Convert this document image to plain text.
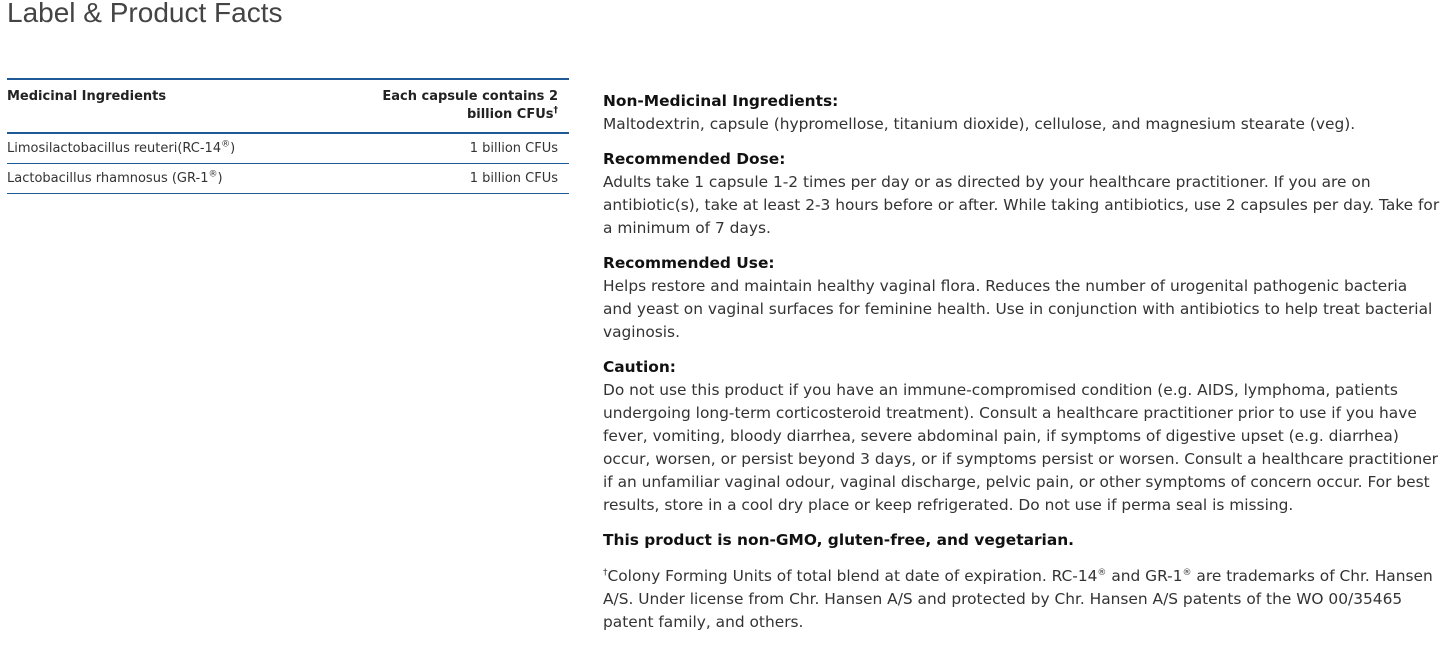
Label & Product Facts
Medicinal Ingredients	Each capsule contains 2
billion CFUs†
Limosilactobacillus reuteri(RC-14®)	1 billion CFUs
Lactobacillus rhamnosus (GR-1®)	1 billion CFUs
Non-Medicinal Ingredients:

Maltodextrin, capsule (hypromellose, titanium dioxide), cellulose, and magnesium stearate (veg).

Recommended Dose:

Adults take 1 capsule 1-2 times per day or as directed by your healthcare practitioner. If you are on antibiotic(s), take at least 2-3 hours before or after. While taking antibiotics, use 2 capsules per day. Take for a minimum of 7 days.

Recommended Use:

Helps restore and maintain healthy vaginal flora. Reduces the number of urogenital pathogenic bacteria and yeast on vaginal surfaces for feminine health. Use in conjunction with antibiotics to help treat bacterial vaginosis.

Caution:

Do not use this product if you have an immune-compromised condition (e.g. AIDS, lymphoma, patients undergoing long-term corticosteroid treatment). Consult a healthcare practitioner prior to use if you have fever, vomiting, bloody diarrhea, severe abdominal pain, if symptoms of digestive upset (e.g. diarrhea) occur, worsen, or persist beyond 3 days, or if symptoms persist or worsen. Consult a healthcare practitioner if an unfamiliar vaginal odour, vaginal discharge, pelvic pain, or other symptoms of concern occur. For best results, store in a cool dry place or keep refrigerated. Do not use if perma seal is missing.

This product is non-GMO, gluten-free, and vegetarian.

†Colony Forming Units of total blend at date of expiration. RC-14® and GR-1® are trademarks of Chr. Hansen A/S. Under license from Chr. Hansen A/S and protected by Chr. Hansen A/S patents of the WO 00/35465 patent family, and others.
